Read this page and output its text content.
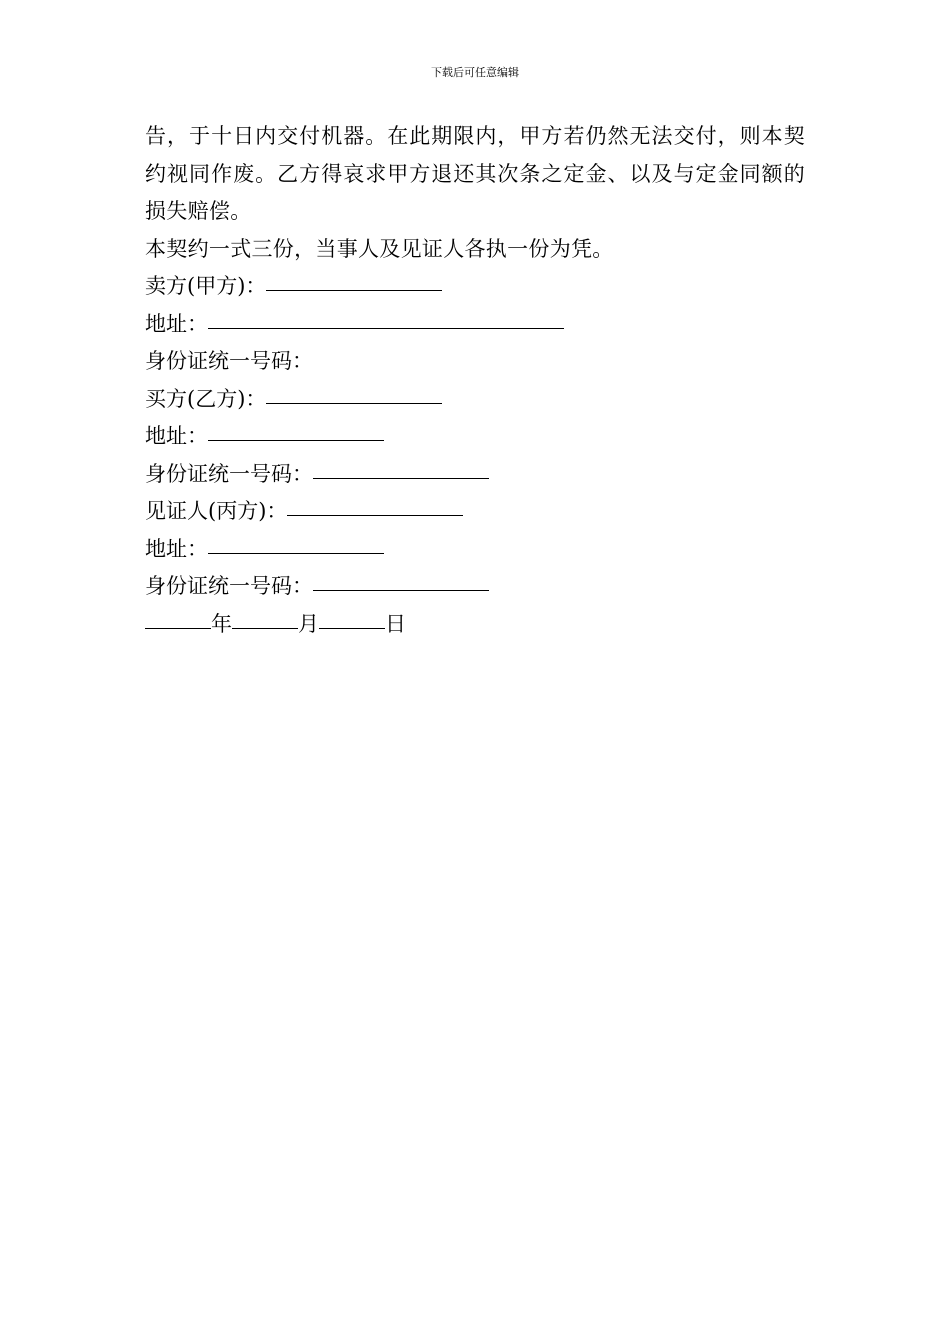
下载后可任意编辑

告，于十日内交付机器。在此期限内，甲方若仍然无法交付，则本契约视同作废。乙方得哀求甲方退还其次条之定金、以及与定金同额的损失赔偿。

本契约一式三份，当事人及见证人各执一份为凭。

卖方(甲方)：
地址：
身份证统一号码：
买方(乙方)：
地址：
身份证统一号码：
见证人(丙方)：
地址：
身份证统一号码：
年	月	日
